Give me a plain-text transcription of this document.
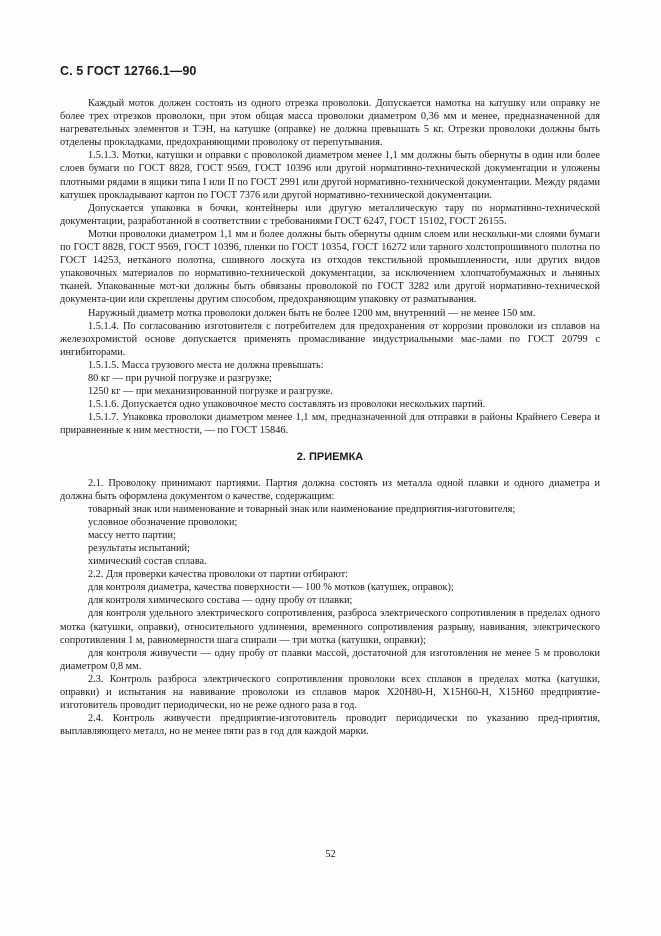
С. 5 ГОСТ 12766.1—90

Каждый моток должен состоять из одного отрезка проволоки. Допускается намотка на катушку или оправку не более трех отрезков проволоки, при этом общая масса проволоки диаметром 0,36 мм и менее, предназначенной для нагревательных элементов и ТЭН, на катушке (оправке) не должна превышать 5 кг. Отрезки проволоки должны быть отделены прокладками, предохраняющими проволоку от перепутывания.

1.5.1.3. Мотки, катушки и оправки с проволокой диаметром менее 1,1 мм должны быть обернуты в один или более слоев бумаги по ГОСТ 8828, ГОСТ 9569, ГОСТ 10396 или другой нормативно-технической документации и уложены плотными рядами в ящики типа I или II по ГОСТ 2991 или другой нормативно-технической документации. Между рядами катушек прокладывают картон по ГОСТ 7376 или другой нормативно-технической документации.

Допускается упаковка в бочки, контейнеры или другую металлическую тару по нормативно-технической документации, разработанной в соответствии с требованиями ГОСТ 6247, ГОСТ 15102, ГОСТ 26155.

Мотки проволоки диаметром 1,1 мм и более должны быть обернуты одним слоем или нескольки-ми слоями бумаги по ГОСТ 8828, ГОСТ 9569, ГОСТ 10396, пленки по ГОСТ 10354, ГОСТ 16272 или тарного холстопрошивного полотна по ГОСТ 14253, нетканого полотна, сшивного лоскута из отходов текстильной промышленности, или других видов упаковочных материалов по нормативно-технической документации, за исключением хлопчатобумажных и льняных тканей. Упакованные мот-ки должны быть обвязаны проволокой по ГОСТ 3282 или другой нормативно-технической документа-ции или скреплены другим способом, предохраняющим упаковку от разматывания.

Наружный диаметр мотка проволоки должен быть не более 1200 мм, внутренний — не менее 150 мм.

1.5.1.4. По согласованию изготовителя с потребителем для предохранения от коррозии проволоки из сплавов на железохромистой основе допускается применять промасливание индустриальными мас-лами по ГОСТ 20799 с ингибиторами.

1.5.1.5. Масса грузового места не должна превышать:

80 кг — при ручной погрузке и разгрузке;

1250 кг — при механизированной погрузке и разгрузке.

1.5.1.6. Допускается одно упаковочное место составлять из проволоки нескольких партий.

1.5.1.7. Упаковка проволоки диаметром менее 1,1 мм, предназначенной для отправки в районы Крайнего Севера и приравненные к ним местности, — по ГОСТ 15846.

2. ПРИЕМКА

2.1. Проволоку принимают партиями. Партия должна состоять из металла одной плавки и одного диаметра и должна быть оформлена документом о качестве, содержащим:

товарный знак или наименование и товарный знак или наименование предприятия-изготовителя;

условное обозначение проволоки;

массу нетто партии;

результаты испытаний;

химический состав сплава.

2.2. Для проверки качества проволоки от партии отбирают:

для контроля диаметра, качества поверхности — 100 % мотков (катушек, оправок);

для контроля химического состава — одну пробу от плавки;

для контроля удельного электрического сопротивления, разброса электрического сопротивления в пределах одного мотка (катушки, оправки), относительного удлинения, временного сопротивления разрыву, навивания, электрического сопротивления 1 м, равномерности шага спирали — три мотка (катушки, оправки);

для контроля живучести — одну пробу от плавки массой, достаточной для изготовления не менее 5 м проволоки диаметром 0,8 мм.

2.3. Контроль разброса электрического сопротивления проволоки всех сплавов в пределах мотка (катушки, оправки) и испытания на навивание проволоки из сплавов марок Х20Н80-Н, Х15Н60-Н, Х15Н60 предприятие-изготовитель проводит периодически, но не реже одного раза в год.

2.4. Контроль живучести предприятие-изготовитель проводит периодически по указанию пред-приятия, выплавляющего металл, но не менее пяти раз в год для каждой марки.

52
